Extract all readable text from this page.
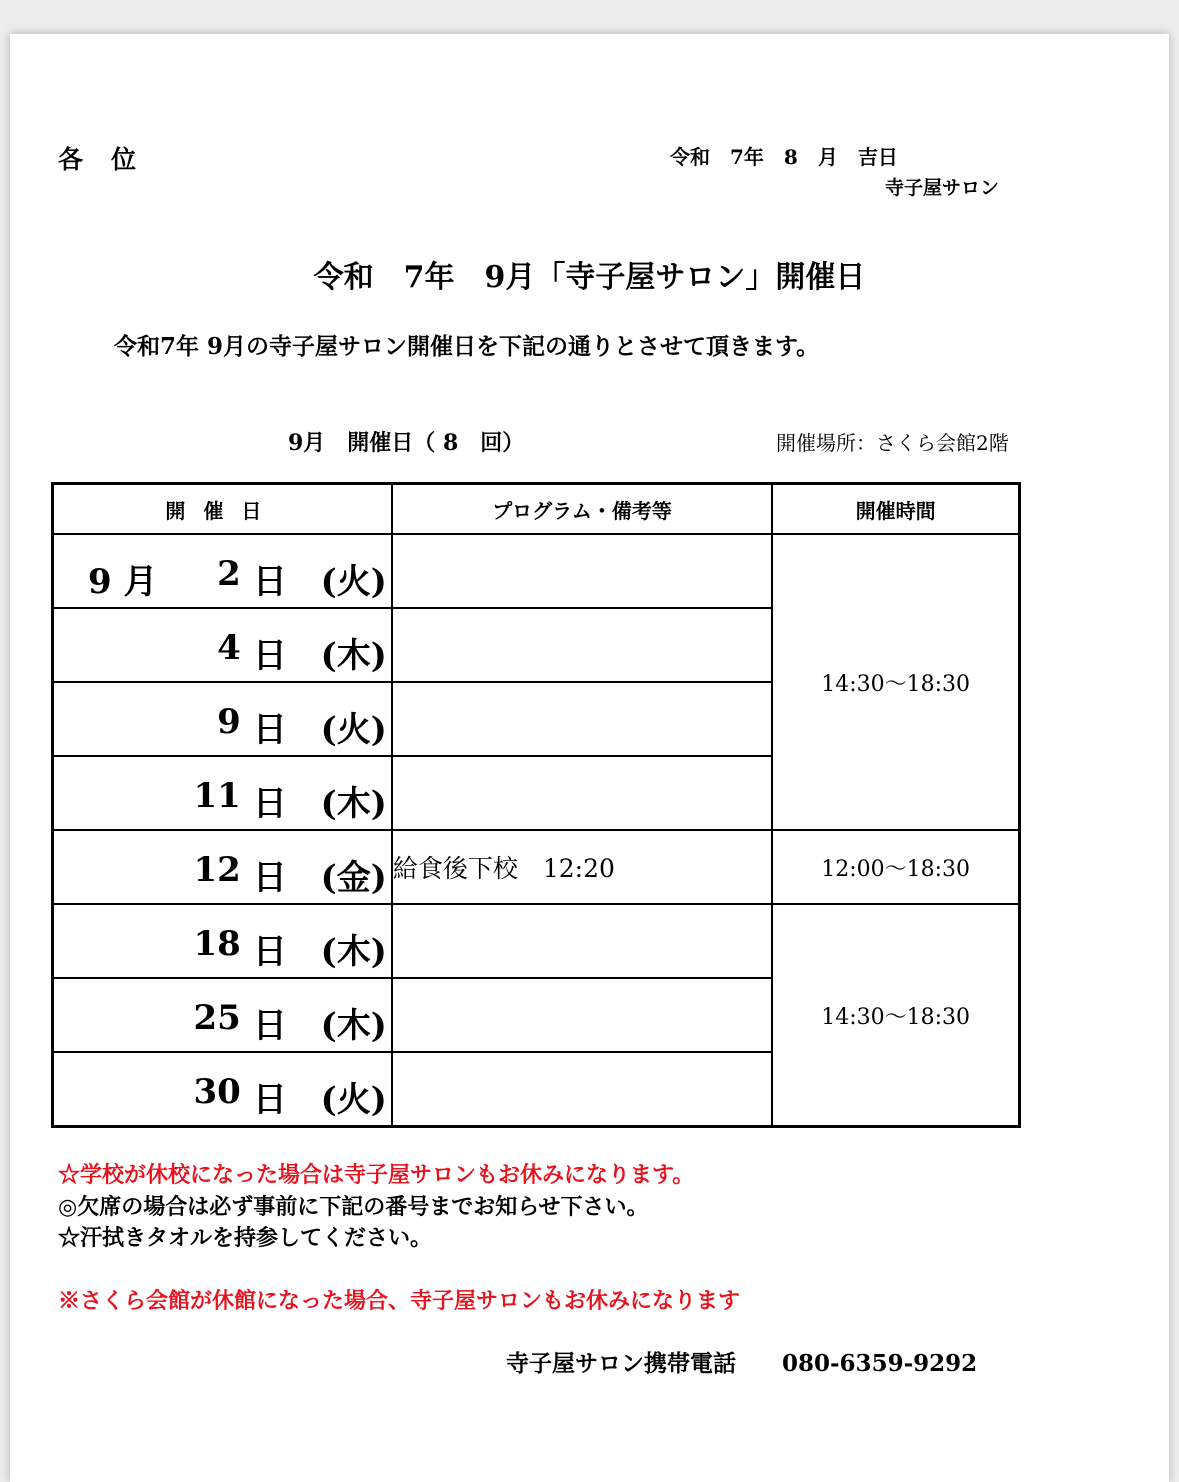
各位	令和　7年　8　月　吉日
寺子屋サロン
令和　7年　9月「寺子屋サロン」開催日
令和7年 9月の寺子屋サロン開催日を下記の通りとさせて頂きます。
9月　開催日（ 8　回）	開催場所：さくら会館2階
開催日	プログラム・備考等	開催時間

9 月 2 日 (火)		14:30～18:30

4 日 (木)		

9 日 (火)		

11 日 (木)		

12 日 (金)	給食後下校　12:20	12:00～18:30

18 日 (木)		14:30～18:30

25 日 (木)		

30 日 (火)		

☆学校が休校になった場合は寺子屋サロンもお休みになります。
◎欠席の場合は必ず事前に下記の番号までお知らせ下さい。
☆汗拭きタオルを持参してください。
※さくら会館が休館になった場合、寺子屋サロンもお休みになります
寺子屋サロン携帯電話　　 080-6359-9292
